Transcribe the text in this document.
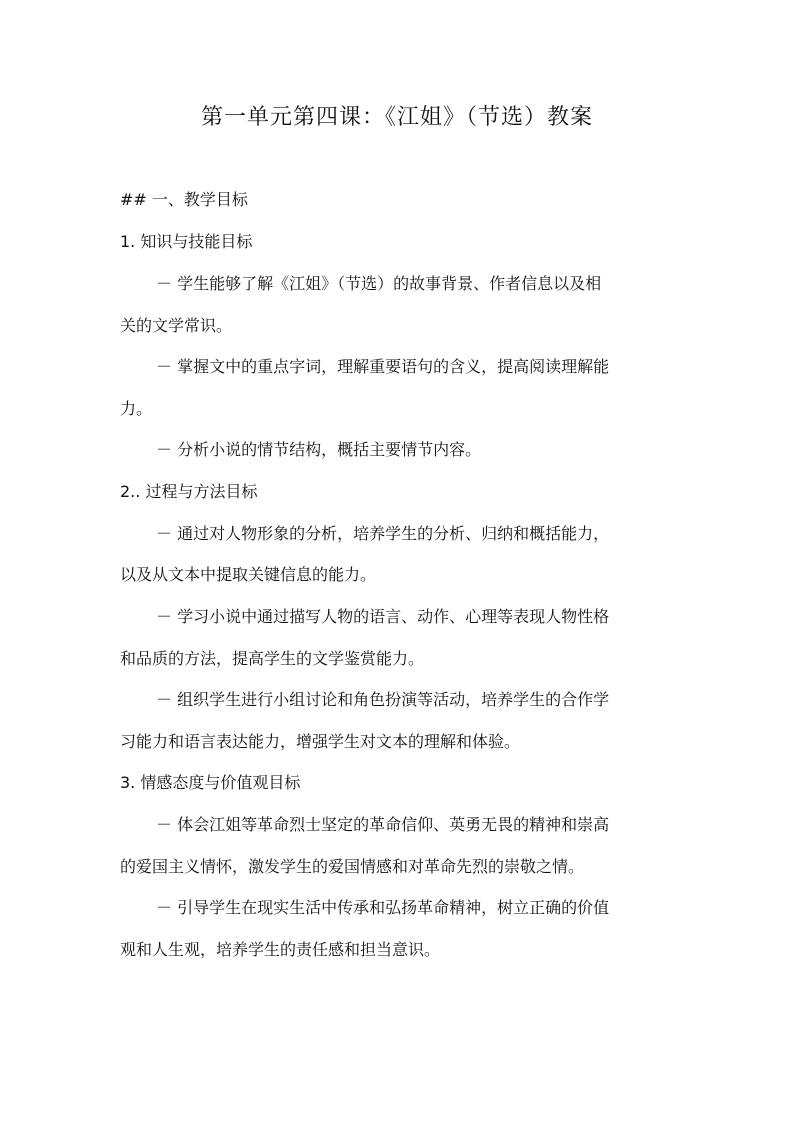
第一单元第四课：《江姐》（节选）教案

## 一、教学目标

1. 知识与技能目标

－ 学生能够了解《江姐》（节选）的故事背景、作者信息以及相

关的文学常识。

－ 掌握文中的重点字词，理解重要语句的含义，提高阅读理解能

力。

－ 分析小说的情节结构，概括主要情节内容。

2.. 过程与方法目标

－ 通过对人物形象的分析，培养学生的分析、归纳和概括能力，

以及从文本中提取关键信息的能力。

－ 学习小说中通过描写人物的语言、动作、心理等表现人物性格

和品质的方法，提高学生的文学鉴赏能力。

－ 组织学生进行小组讨论和角色扮演等活动，培养学生的合作学

习能力和语言表达能力，增强学生对文本的理解和体验。

3. 情感态度与价值观目标

－ 体会江姐等革命烈士坚定的革命信仰、英勇无畏的精神和崇高

的爱国主义情怀，激发学生的爱国情感和对革命先烈的崇敬之情。

－ 引导学生在现实生活中传承和弘扬革命精神，树立正确的价值

观和人生观，培养学生的责任感和担当意识。
